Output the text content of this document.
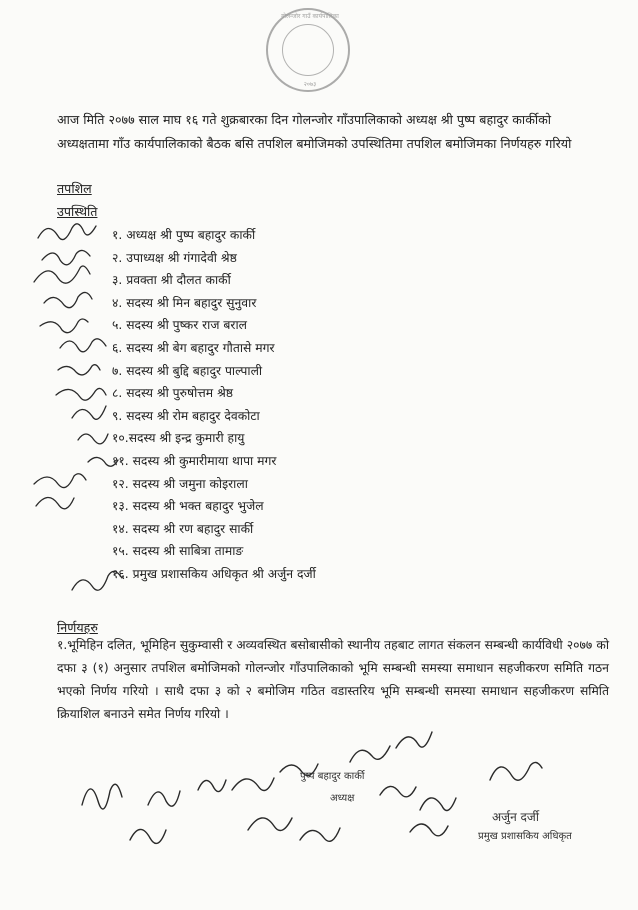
गोलन्जोर गाउँ कार्यपालिका
२०७३
आज मिति २०७७ साल माघ १६ गते शुक्रबारका दिन गोलन्जोर गाँउपालिकाको अध्यक्ष श्री पुष्प बहादुर कार्कीको अध्यक्षतामा गाँउ कार्यपालिकाको बैठक बसि तपशिल बमोजिमको उपस्थितिमा तपशिल बमोजिमका निर्णयहरु गरियो
तपशिल
उपस्थिति
१. अध्यक्ष श्री पुष्प बहादुर कार्की
२. उपाध्यक्ष श्री गंगादेवी श्रेष्ठ
३. प्रवक्ता श्री दौलत कार्की
४. सदस्य श्री मिन बहादुर सुनुवार
५. सदस्य श्री पुष्कर राज बराल
६. सदस्य श्री बेग बहादुर गौतासे मगर
७. सदस्य श्री बुद्दि बहादुर पाल्पाली
८. सदस्य श्री पुरुषोत्तम श्रेष्ठ
९. सदस्य श्री रोम बहादुर देवकोटा
१०.सदस्य श्री इन्द्र कुमारी हायु
११. सदस्य श्री कुमारीमाया थापा मगर
१२. सदस्य श्री जमुना कोइराला
१३. सदस्य श्री भक्त बहादुर भुजेल
१४. सदस्य श्री रण बहादुर सार्की
१५. सदस्य श्री साबित्रा तामाङ
१६. प्रमुख प्रशासकिय अधिकृत श्री अर्जुन दर्जी
निर्णयहरु
१.भूमिहिन दलित, भूमिहिन सुकुम्वासी र अव्यवस्थित बसोबासीको स्थानीय तहबाट लागत संकलन सम्बन्धी कार्यविधी २०७७ को दफा ३ (१) अनुसार तपशिल बमोजिमको गोलन्जोर गाँउपालिकाको भूमि सम्बन्धी समस्या समाधान सहजीकरण समिति गठन भएको निर्णय गरियो । साथै दफा ३ को २ बमोजिम गठित वडास्तरिय भूमि सम्बन्धी समस्या समाधान सहजीकरण समिति क्रियाशिल बनाउने समेत निर्णय गरियो ।
पुष्प बहादुर कार्की
अध्यक्ष
अर्जुन दर्जी
प्रमुख प्रशासकिय अधिकृत
